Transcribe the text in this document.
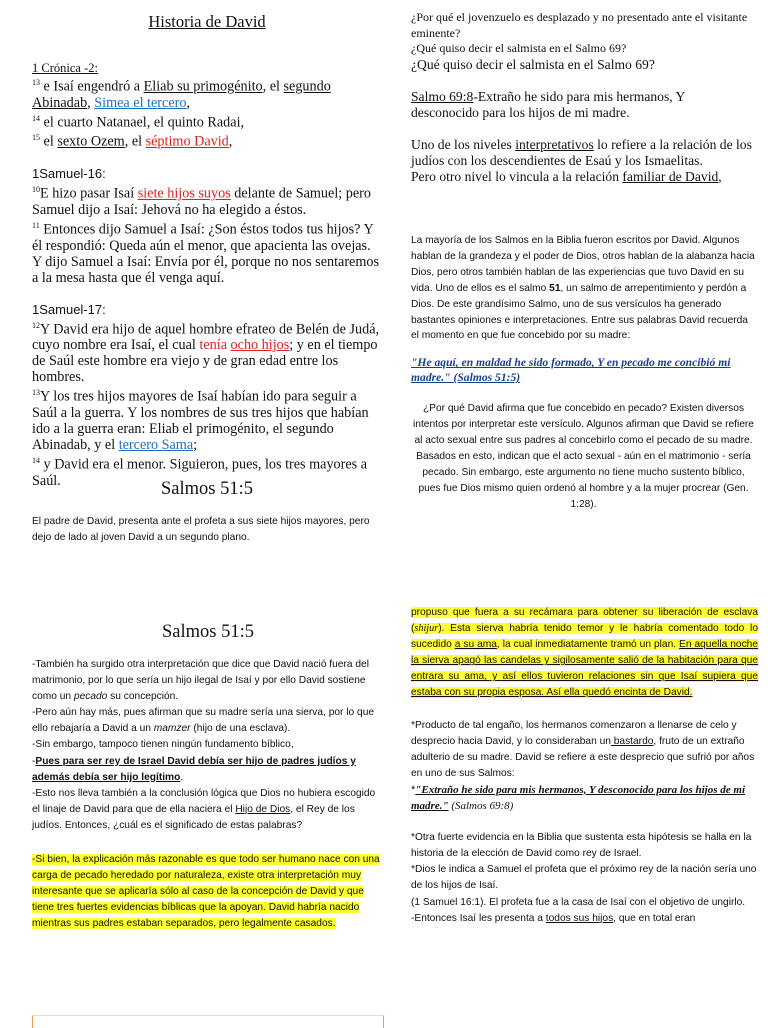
Historia de David

1 Crónica -2:

$^{13}$ e Isaí engendró a Eliab su primogénito, el segundo
Abinadab, Simea el tercero,

$^{14}$ el cuarto Natanael, el quinto Radai,

$^{15}$ el sexto Ozem, el séptimo David,

1Samuel-16:

$^{10}$E hizo pasar Isaí siete hijos suyos delante de Samuel; pero Samuel dijo a Isaí: Jehová no ha elegido a éstos.

$^{11}$ Entonces dijo Samuel a Isaí: ¿Son éstos todos tus hijos? Y él respondió: Queda aún el menor, que apacienta las ovejas. Y dijo Samuel a Isaí: Envía por él, porque no nos sentaremos a la mesa hasta que él venga aquí.

1Samuel-17:

$^{12}$Y David era hijo de aquel hombre efrateo de Belén de Judá, cuyo nombre era Isaí, el cual tenía ocho hijos; y en el tiempo de Saúl este hombre era viejo y de gran edad entre los hombres.

$^{13}$Y los tres hijos mayores de Isaí habían ido para seguir a Saúl a la guerra. Y los nombres de sus tres hijos que habían ido a la guerra eran: Eliab el primogénito, el segundo Abinadab, y el tercero Sama;

$^{14}$ y David era el menor. Siguieron, pues, los tres mayores a Saúl.

¿Por qué el jovenzuelo es desplazado y no presentado ante el visitante eminente?

¿Qué quiso decir el salmista en el Salmo 69?

¿Qué quiso decir el salmista en el Salmo 69?

Salmo 69:8-Extraño he sido para mis hermanos, Y desconocido para los hijos de mi madre.

Uno de los niveles interpretativos lo refiere a la relación de los judíos con los descendientes de Esaú y los Ismaelitas.

Pero otro nivel lo vincula a la relación familiar de David,

Salmos 51:5

El padre de David, presenta ante el profeta a sus siete hijos mayores, pero dejo de lado al joven David a un segundo plano.

La mayoría de los Salmos en la Biblia fueron escritos por David. Algunos hablan de la grandeza y el poder de Dios, otros hablan de la alabanza hacia Dios, pero otros también hablan de las experiencias que tuvo David en su vida. Uno de ellos es el salmo 51, un salmo de arrepentimiento y perdón a Dios. De este grandísimo Salmo, uno de sus versículos ha generado bastantes opiniones e interpretaciones. Entre sus palabras David recuerda el momento en que fue concebido por su madre:

"He aquí, en maldad he sido formado, Y en pecado me concibió mi madre." (Salmos 51:5)

¿Por qué David afirma que fue concebido en pecado? Existen diversos intentos por interpretar este versículo. Algunos afirman que David se refiere al acto sexual entre sus padres al concebirlo como el pecado de su madre. Basados en esto, indican que el acto sexual - aún en el matrimonio - sería pecado. Sin embargo, este argumento no tiene mucho sustento bíblico, pues fue Dios mismo quien ordenó al hombre y a la mujer procrear (Gen. 1:28).

Salmos 51:5

-También ha surgido otra interpretación que dice que David nació fuera del matrimonio, por lo que sería un hijo ilegal de Isaí y por ello David sostiene como un pecado su concepción.

-Pero aún hay más, pues afirman que su madre sería una sierva, por lo que ello rebajaría a David a un mamzer (hijo de una esclava).

-Sin embargo, tampoco tienen ningún fundamento bíblico,

-Pues para ser rey de Israel David debía ser hijo de padres judíos y además debía ser hijo legítimo.

-Esto nos lleva también a la conclusión lógica que Dios no hubiera escogido el linaje de David para que de ella naciera el Hijo de Dios, el Rey de los judíos. Entonces, ¿cuál es el significado de estas palabras?

-Si bien, la explicación más razonable es que todo ser humano nace con una carga de pecado heredado por naturaleza, existe otra interpretación muy interesante que se aplicaría sólo al caso de la concepción de David y que tiene tres fuertes evidencias bíblicas que la apoyan. David habría nacido mientras sus padres estaban separados, pero legalmente casados.

propuso que fuera a su recámara para obtener su liberación de esclava (shijur). Esta sierva habría tenido temor y le habría comentado todo lo sucedido a su ama, la cual inmediatamente tramó un plan. En aquella noche la sierva apagó las candelas y sigilosamente salió de la habitación para que entrara su ama, y así ellos tuvieron relaciones sin que Isaí supiera que estaba con su propia esposa. Así ella quedó encinta de David.

*Producto de tal engaño, los hermanos comenzaron a llenarse de celo y desprecio hacia David, y lo consideraban un bastardo, fruto de un extraño adulterio de su madre. David se refiere a este desprecio que sufrió por años en uno de sus Salmos:

*"Extraño he sido para mis hermanos, Y desconocido para los hijos de mi madre." (Salmos 69:8)

*Otra fuerte evidencia en la Biblia que sustenta esta hipótesis se halla en la historia de la elección de David como rey de Israel.

*Dios le indica a Samuel el profeta que el próximo rey de la nación sería uno de los hijos de Isaí.

(1 Samuel 16:1). El profeta fue a la casa de Isaí con el objetivo de ungirlo.

-Entonces Isaí les presenta a todos sus hijos, que en total eran
